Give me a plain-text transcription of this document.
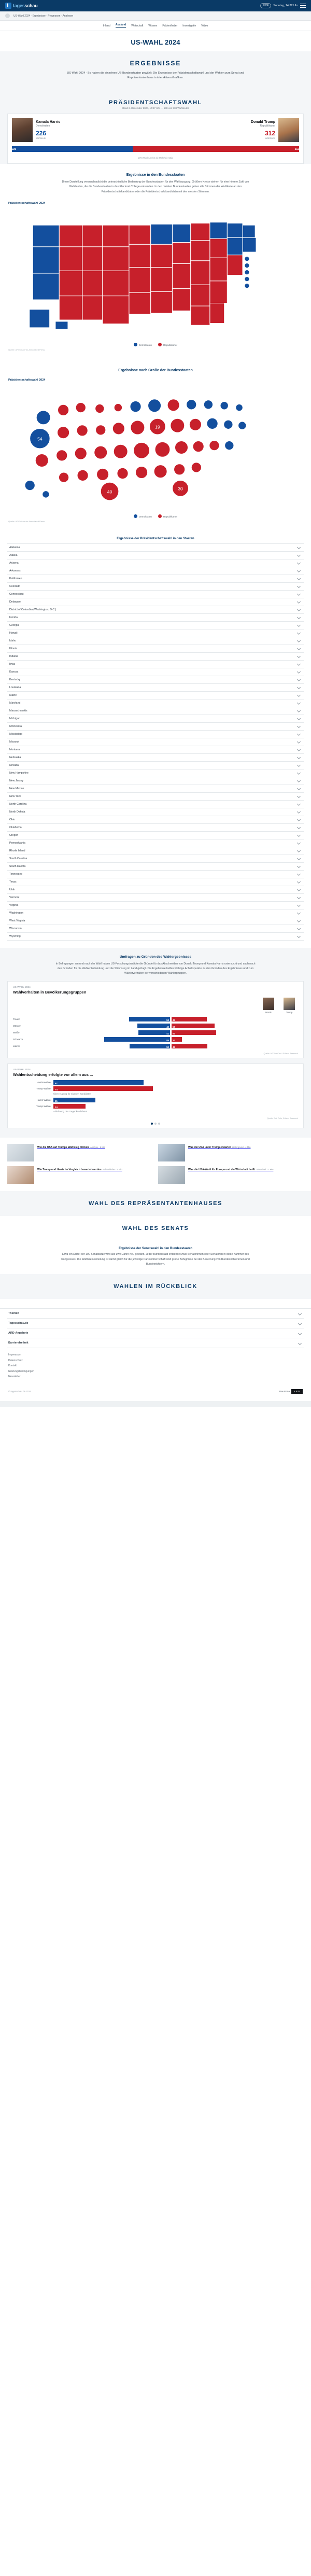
▌ tagesschau	LIVE	Sonntag, 14:32 Uhr
US-Wahl 2024 · Ergebnisse · Prognosen · Analysen
Inland Ausland Wirtschaft Wissen Faktenfinder Investigativ Video
US-WAHL 2024
ERGEBNISSE

US-Wahl 2024 - So haben die einzelnen US-Bundesstaaten gewählt: Die Ergebnisse der Präsidentschaftswahl und der Wahlen zum Senat und Repräsentantenhaus in interaktiven Grafiken.

PRÄSIDENTSCHAFTSWAHL
Stand 6. Dezember 2024, 10:27 Uhr — 538 von 538 Wahlleuten
Kamala Harris
Demokraten
226
Wahlleute
Donald Trump
Republikaner
312
Wahlleute
226	312
270 Wahlleute für die Mehrheit nötig
Ergebnisse in den Bundesstaaten
Diese Darstellung veranschaulicht die unterschiedliche Bedeutung der Bundesstaaten für den Wahlausgang. Größere Kreise stehen für eine höhere Zahl von Wahlleuten, die die Bundesstaaten in das Electoral College entsenden. In den meisten Bundesstaaten gehen alle Stimmen der Wahlleute an den Präsidentschaftskandidaten oder die Präsidentschaftskandidatin mit den meisten Stimmen.
Präsidentschaftswahl 2024
Demokraten	Republikaner
Quelle: AP/Edison via Associated Press
Ergebnisse nach Größe der Bundesstaaten
Präsidentschaftswahl 2024
54
40
19
30
Demokraten	Republikaner
Quelle: AP/Edison via Associated Press
Ergebnisse der Präsidentschaftswahl in den Staaten
Alabama
Alaska
Arizona
Arkansas
Kalifornien
Colorado
Connecticut
Delaware
District of Columbia (Washington, D.C.)
Florida
Georgia
Hawaii
Idaho
Illinois
Indiana
Iowa
Kansas
Kentucky
Louisiana
Maine
Maryland
Massachusetts
Michigan
Minnesota
Mississippi
Missouri
Montana
Nebraska
Nevada
New Hampshire
New Jersey
New Mexico
New York
North Carolina
North Dakota
Ohio
Oklahoma
Oregon
Pennsylvania
Rhode Island
South Carolina
South Dakota
Tennessee
Texas
Utah
Vermont
Virginia
Washington
West Virginia
Wisconsin
Wyoming
Umfragen zu Gründen des Wahlergebnisses

In Befragungen am und nach der Wahl haben US-Forschungsinstitute die Gründe für das Abschneiden von Donald Trump und Kamala Harris untersucht und auch nach den Gründen für die Wahlentscheidung und die Stimmung im Land gefragt. Die Ergebnisse helfen wichtige Anhaltspunkte zu den Gründen des Ergebnisses und zum Wählerverhalten der verschiedenen Wählergruppen.

US-WAHL 2024
Wahlverhalten in Bevölkerungsgruppen
Harris	Trump
Frauen	53	45
Männer	42	55
Weiße	41	57
Schwarze	85	13
Latinos	52	46
Quelle: AP VoteCast / Edison Research
US-WAHL 2024
Wahlentscheidung erfolgte vor allem aus ...
Harris-Wähler	67
Trump-Wähler	74
Überzeugung für eigenen Kandidaten
Harris-Wähler	31
Trump-Wähler	24
Ablehnung des Gegenkandidaten
Quelle: Exit Polls, Edison Research
Wie die USA auf Trumps Wahlsieg blicken Analyse · 6 Min	Was die USA unter Trump erwartet Hintergrund · 4 Min
Wie Trump und Harris im Vergleich bewertet werden Faktenfinder · 5 Min	Was die USA-Wahl für Europa und die Wirtschaft heißt Wirtschaft · 7 Min
WAHL DES REPRÄSENTANTENHAUSES
WAHL DES SENATS
Ergebnisse der Senatswahl in den Bundesstaaten
Etwa ein Drittel der 100 Senatssitze wird alle zwei Jahre neu gewählt. Jeder Bundesstaat entsendet zwei Senatorinnen oder Senatoren in diese Kammer des Kongresses. Die Wahlkreiseinteilung ist damit gleich für die jeweilige Parteienherrschaft sind große Befugnisse bei der Besetzung von Bundesrichterinnen und Bundesrichtern.
WAHLEN IM RÜCKBLICK
Themen
Tagesschau.de
ARD-Angebote
Barrierefreiheit
Impressum
Datenschutz
Kontakt
Nutzungsbedingungen
Newsletter
© tagesschau.de 2024	Das Erste	ARD
